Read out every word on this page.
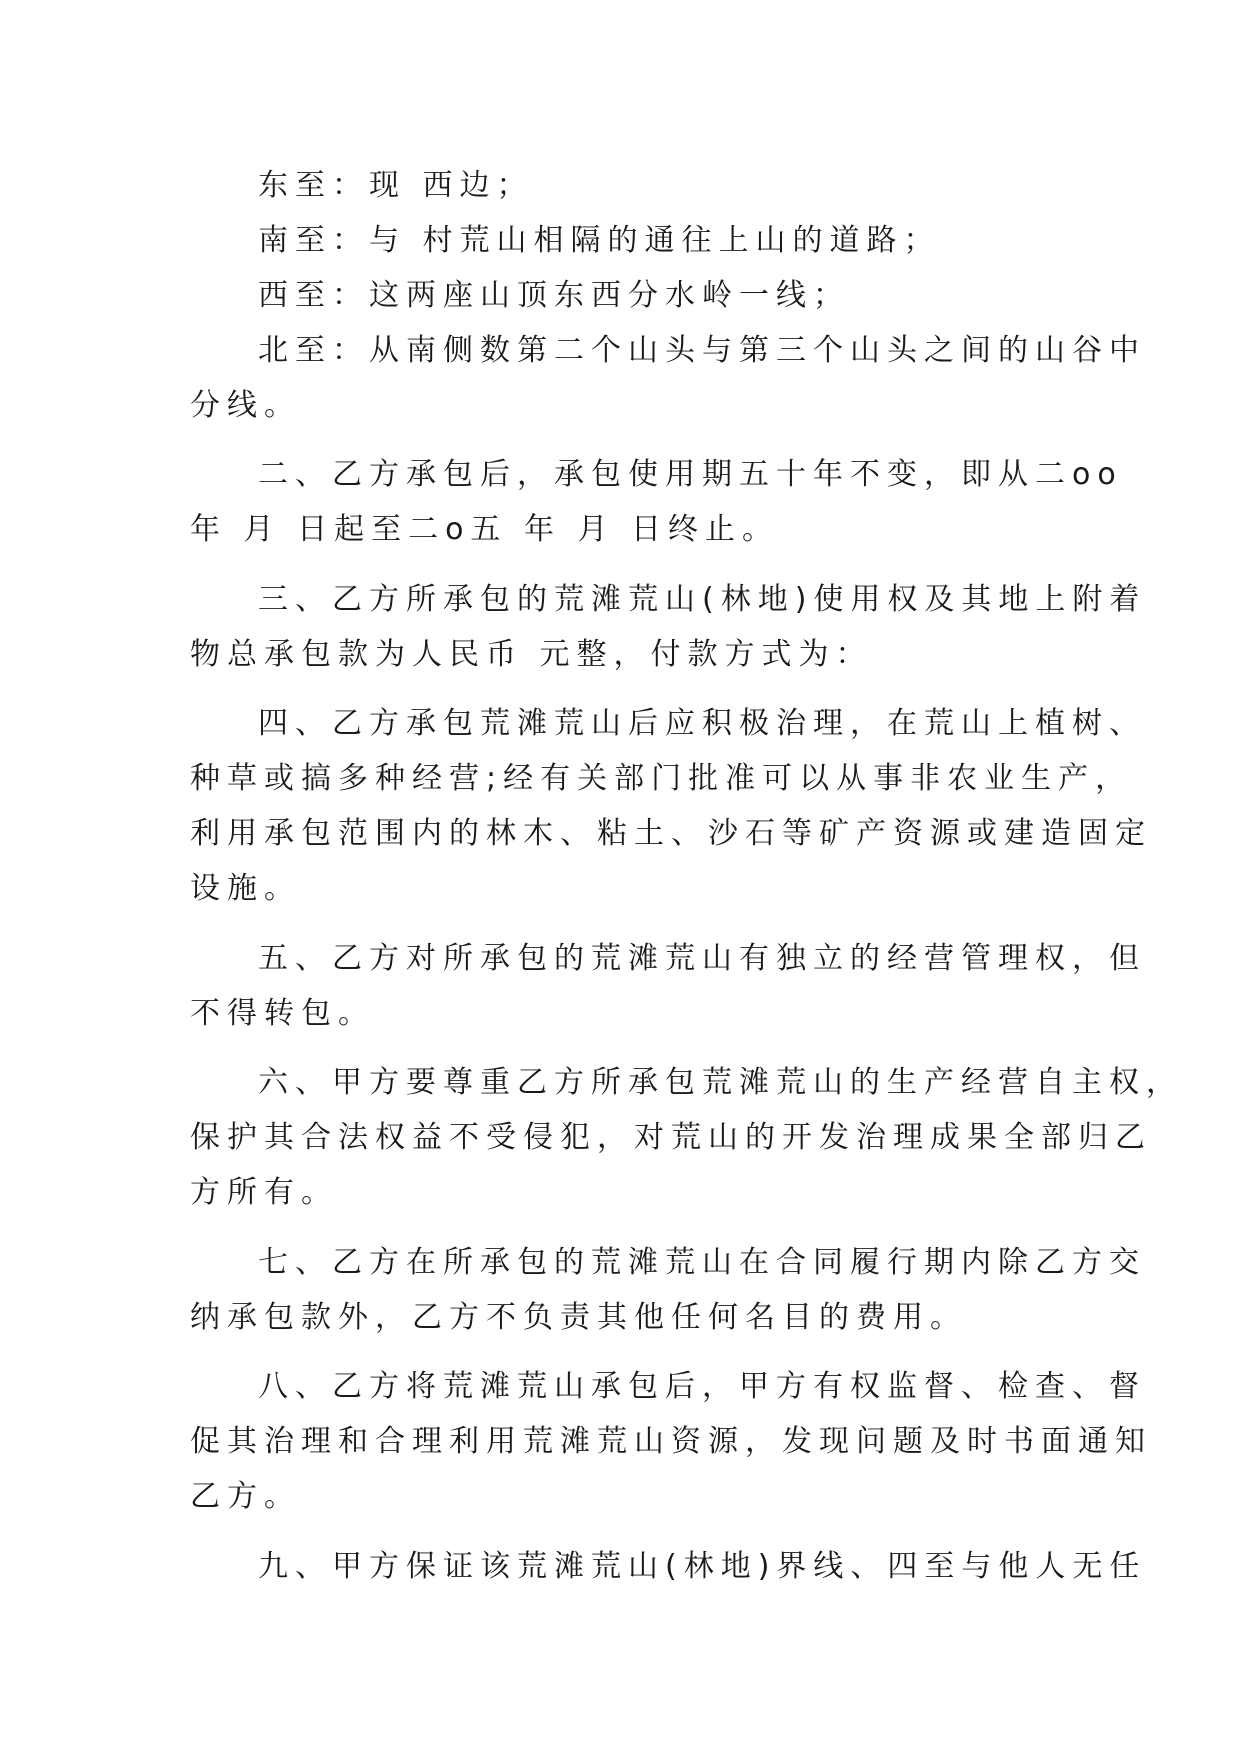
东至：现 西边；
南至：与 村荒山相隔的通往上山的道路；
西至：这两座山顶东西分水岭一线；
北至：从南侧数第二个山头与第三个山头之间的山谷中
分线。
二、乙方承包后，承包使用期五十年不变，即从二oo
年 月 日起至二o五 年 月 日终止。
三、乙方所承包的荒滩荒山(林地)使用权及其地上附着
物总承包款为人民币 元整，付款方式为：
四、乙方承包荒滩荒山后应积极治理，在荒山上植树、
种草或搞多种经营;经有关部门批准可以从事非农业生产，
利用承包范围内的林木、粘土、沙石等矿产资源或建造固定
设施。
五、乙方对所承包的荒滩荒山有独立的经营管理权，但
不得转包。
六、甲方要尊重乙方所承包荒滩荒山的生产经营自主权，
保护其合法权益不受侵犯，对荒山的开发治理成果全部归乙
方所有。
七、乙方在所承包的荒滩荒山在合同履行期内除乙方交
纳承包款外，乙方不负责其他任何名目的费用。
八、乙方将荒滩荒山承包后，甲方有权监督、检查、督
促其治理和合理利用荒滩荒山资源，发现问题及时书面通知
乙方。
九、甲方保证该荒滩荒山(林地)界线、四至与他人无任
